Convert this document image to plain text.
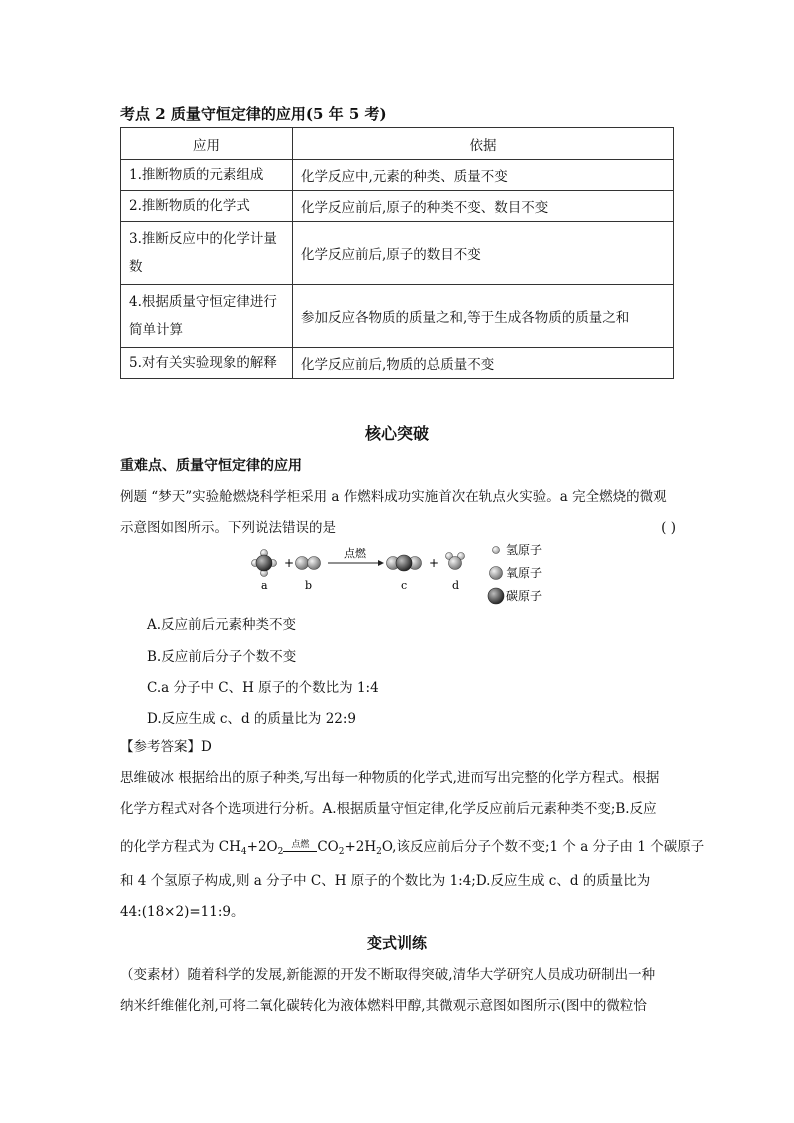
考点 2 质量守恒定律的应用(5 年 5 考)
应用	依据
1.推断物质的元素组成	化学反应中,元素的种类、质量不变
2.推断物质的化学式	化学反应前后,原子的种类不变、数目不变
3.推断反应中的化学计量数	化学反应前后,原子的数目不变
4.根据质量守恒定律进行简单计算	参加反应各物质的质量之和,等于生成各物质的质量之和
5.对有关实验现象的解释	化学反应前后,物质的总质量不变
核心突破
重难点、质量守恒定律的应用
例题 “梦天”实验舱燃烧科学柜采用 a 作燃料成功实施首次在轨点火实验。a 完全燃烧的微观
示意图如图所示。下列说法错误的是	( )
+
点燃
+
a	b	c	d
氢原子
氧原子
碳原子
A.反应前后元素种类不变
B.反应前后分子个数不变
C.a 分子中 C、H 原子的个数比为 1:4
D.反应生成 c、d 的质量比为 22:9
【参考答案】D
思维破冰 根据给出的原子种类,写出每一种物质的化学式,进而写出完整的化学方程式。根据
化学方程式对各个选项进行分析。A.根据质量守恒定律,化学反应前后元素种类不变;B.反应
的化学方程式为 $CH_4+2O_2$
点燃 $CO_2+2H_2O$,该反应前后分子个数不变;1 个 a 分子由 1 个碳原子
和 4 个氢原子构成,则 a 分子中 C、H 原子的个数比为 1:4;D.反应生成 c、d 的质量比为
44:(18×2)=11:9。
变式训练
（变素材）随着科学的发展,新能源的开发不断取得突破,清华大学研究人员成功研制出一种
纳米纤维催化剂,可将二氧化碳转化为液体燃料甲醇,其微观示意图如图所示(图中的微粒恰
